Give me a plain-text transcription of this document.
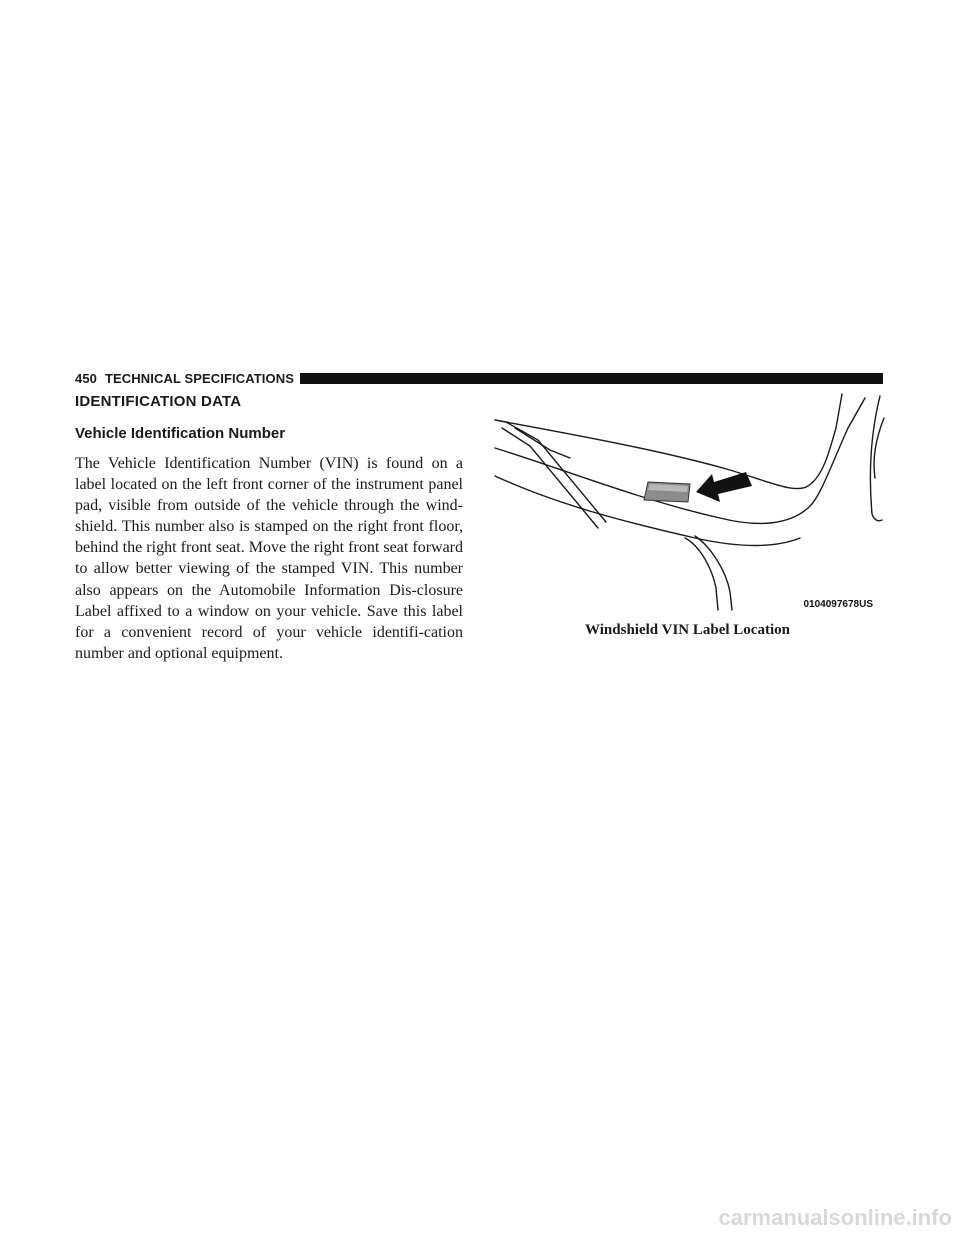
450 TECHNICAL SPECIFICATIONS
IDENTIFICATION DATA
Vehicle Identification Number

The Vehicle Identification Number (VIN) is found on a label located on the left front corner of the instrument panel pad, visible from outside of the vehicle through the wind-shield. This number also is stamped on the right front floor, behind the right front seat. Move the right front seat forward to allow better viewing of the stamped VIN. This number also appears on the Automobile Information Dis-closure Label affixed to a window on your vehicle. Save this label for a convenient record of your vehicle identifi-cation number and optional equipment.

0104097678US
Windshield VIN Label Location
carmanualsonline.info
